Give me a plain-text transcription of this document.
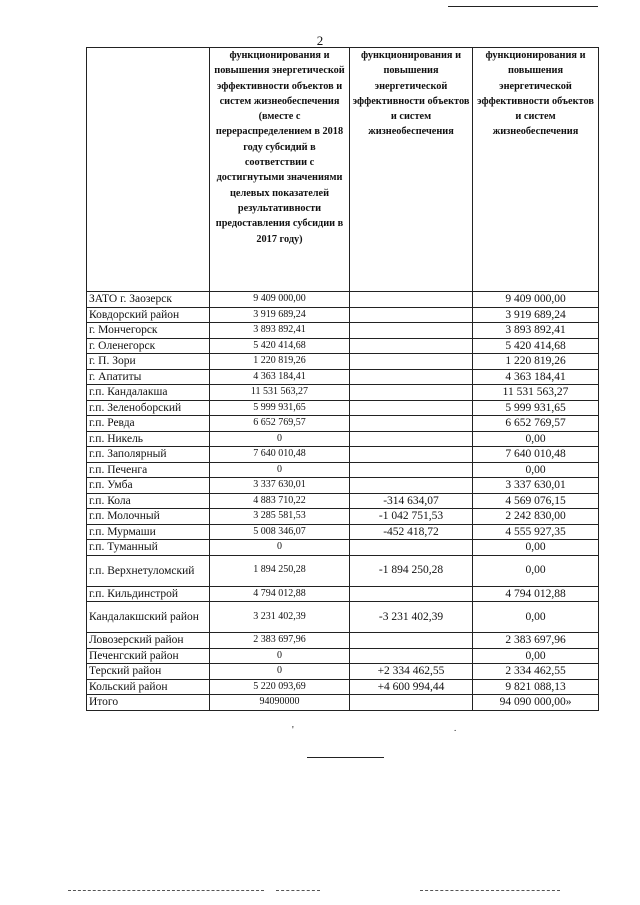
2
	функционирования и повышения энергетической эффективности объектов и систем жизнеобеспечения (вместе с перераспределением в 2018 году субсидий в соответствии с достигнутыми значениями целевых показателей результативности предоставления субсидии в 2017 году)	функционирования и повышения энергетической эффективности объектов и систем жизнеобеспечения	функционирования и повышения энергетической эффективности объектов и систем жизнеобеспечения
ЗАТО г. Заозерск	9 409 000,00		9 409 000,00
Ковдорский район	3 919 689,24		3 919 689,24
г. Мончегорск	3 893 892,41		3 893 892,41
г. Оленегорск	5 420 414,68		5 420 414,68
г. П. Зори	1 220 819,26		1 220 819,26
г. Апатиты	4 363 184,41		4 363 184,41
г.п. Кандалакша	11 531 563,27		11 531 563,27
г.п. Зеленоборский	5 999 931,65		5 999 931,65
г.п. Ревда	6 652 769,57		6 652 769,57
г.п. Никель	0		0,00
г.п. Заполярный	7 640 010,48		7 640 010,48
г.п. Печенга	0		0,00
г.п. Умба	3 337 630,01		3 337 630,01
г.п. Кола	4 883 710,22	-314 634,07	4 569 076,15
г.п. Молочный	3 285 581,53	-1 042 751,53	2 242 830,00
г.п. Мурмаши	5 008 346,07	-452 418,72	4 555 927,35
г.п. Туманный	0		0,00
г.п. Верхнетуломский	1 894 250,28	-1 894 250,28	0,00
г.п. Кильдинстрой	4 794 012,88		4 794 012,88
Кандалакшский район	3 231 402,39	-3 231 402,39	0,00
Ловозерский район	2 383 697,96		2 383 697,96
Печенгский район	0		0,00
Терский район	0	+2 334 462,55	2 334 462,55
Кольский район	5 220 093,69	+4 600 994,44	9 821 088,13
Итого	94090000		94 090 000,00»
'	.
